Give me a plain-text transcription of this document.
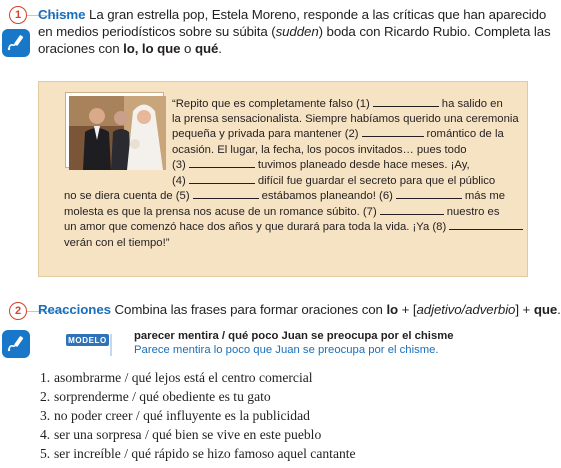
1	Chisme La gran estrella pop, Estela Moreno, responde a las críticas que han aparecido
en medios periodísticos sobre su súbita (sudden) boda con Ricardo Rubio. Completa las
oraciones con lo, lo que o qué.
“Repito que es completamente falso (1)	ha salido en
la prensa sensacionalista. Siempre habíamos querido una ceremonia
pequeña y privada para mantener (2)	romántico de la
ocasión. El lugar, la fecha, los pocos invitados… pues todo
(3)	tuvimos planeado desde hace meses. ¡Ay,
(4)	difícil fue guardar el secreto para que el público
no se diera cuenta de (5)	estábamos planeando! (6)	más me
molesta es que la prensa nos acuse de un romance súbito. (7)	nuestro es
un amor que comenzó hace dos años y que durará para toda la vida. ¡Ya (8)
verán con el tiempo!”
2	Reacciones Combina las frases para formar oraciones con lo + [adjetivo/adverbio] + que.
MODELO parecer mentira / qué poco Juan se preocupa por el chisme
Parece mentira lo poco que Juan se preocupa por el chisme.
1. asombrarme / qué lejos está el centro comercial
2. sorprenderme / qué obediente es tu gato
3. no poder creer / qué influyente es la publicidad
4. ser una sorpresa / qué bien se vive en este pueblo
5. ser increíble / qué rápido se hizo famoso aquel cantante
